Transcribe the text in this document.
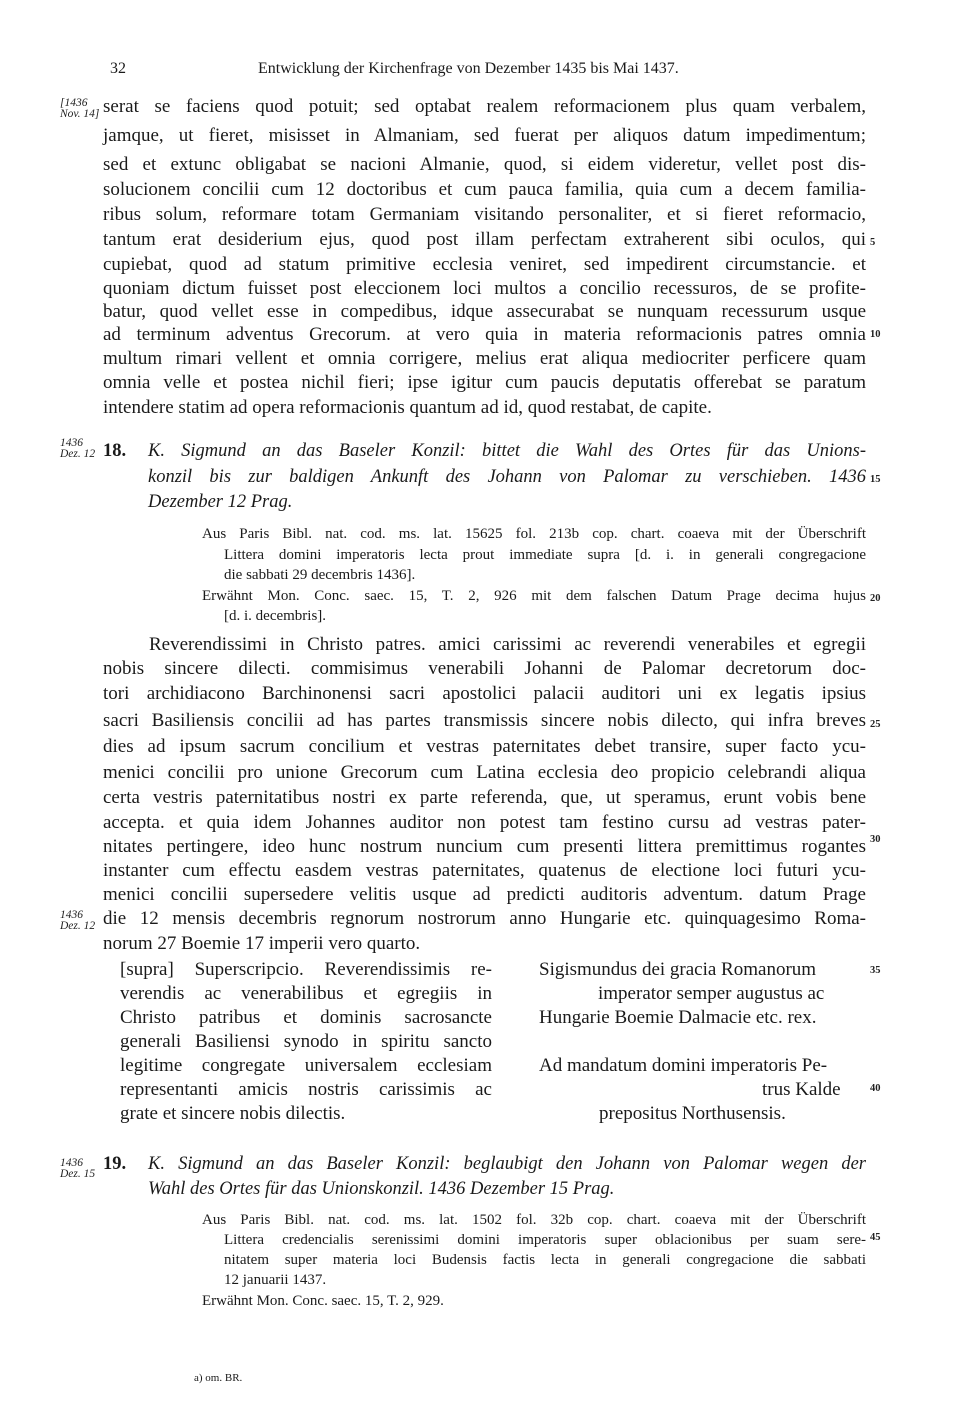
32	Entwicklung der Kirchenfrage von Dezember 1435 bis Mai 1437.
[1436
Nov. 14]
1436
Dez. 12
1436
Dez. 12
1436
Dez. 15
5
10
15
20
25
30
35
40
45
serat se faciens quod potuit; sed optabat realem reformacionem plus quam verbalem,
jamque, ut fieret, misisset in Almaniam, sed fuerat per aliquos datum impedimentum;
sed et extunc obligabat se nacioni Almanie, quod, si eidem videretur, vellet post dis-
solucionem concilii cum 12 doctoribus et cum pauca familia, quia cum a decem familia-
ribus solum, reformare totam Germaniam visitando personaliter, et si fieret reformacio,
tantum erat desiderium ejus, quod post illam perfectam extraherent sibi oculos, qui
cupiebat, quod ad statum primitive ecclesia veniret, sed impedirent circumstancie. et
quoniam dictum fuisset post eleccionem loci multos a concilio recessuros, de se profite-
batur, quod vellet esse in compedibus, idque assecurabat se nunquam recessurum usque
ad terminum adventus Grecorum. at vero quia in materia reformacionis patres omnia
multum rimari vellent et omnia corrigere, melius erat aliqua mediocriter perficere quam
omnia velle et postea nichil fieri; ipse igitur cum paucis deputatis offerebat se paratum
intendere statim ad opera reformacionis quantum ad id, quod restabat, de capite.
18. K. Sigmund an das Baseler Konzil: bittet die Wahl des Ortes für das Unions-
konzil bis zur baldigen Ankunft des Johann von Palomar zu verschieben. 1436
Dezember 12 Prag.
Aus Paris Bibl. nat. cod. ms. lat. 15625 fol. 213b cop. chart. coaeva mit der Überschrift
Littera domini imperatoris lecta prout immediate supra [d. i. in generali congregacione
die sabbati 29 decembris 1436].
Erwähnt Mon. Conc. saec. 15, T. 2, 926 mit dem falschen Datum Prage decima hujus
[d. i. decembris].
Reverendissimi in Christo patres. amici carissimi ac reverendi venerabiles et egregii
nobis sincere dilecti. commisimus venerabili Johanni de Palomar decretorum doc-
tori archidiacono Barchinonensi sacri apostolici palacii auditori uni ex legatis ipsius
sacri Basiliensis concilii ad has partes transmissis sincere nobis dilecto, qui infra breves
dies ad ipsum sacrum concilium et vestras paternitates debet transire, super facto ycu-
menici concilii pro unione Grecorum cum Latina ecclesia deo propicio celebrandi aliqua
certa vestris paternitatibus nostri ex parte referenda, que, ut speramus, erunt vobis bene
accepta. et quia idem Johannes auditor non potest tam festino cursu ad vestras pater-
nitates pertingere, ideo hunc nostrum nuncium cum presenti littera premittimus rogantes
instanter cum effectu easdem vestras paternitates, quatenus de electione loci futuri ycu-
menici concilii supersedere velitis usque ad predicti auditoris adventum. datum Prage
die 12 mensis decembris regnorum nostrorum anno Hungarie etc. quinquagesimo Roma-
norum 27 Boemie 17 imperii vero quarto.
[supra] Superscripcio. Reverendissimis re-
verendis ac venerabilibus et egregiis in
Christo patribus et dominis sacrosancte
generali Basiliensi synodo in spiritu sancto
legitime congregate universalem ecclesiam
representanti amicis nostris carissimis ac
grate et sincere nobis dilectis.
Sigismundus dei gracia Romanorum
imperator semper augustus ac
Hungarie Boemie Dalmacie etc. rex.
Ad mandatum domini imperatoris Pe-
trus Kalde
prepositus Northusensis.
19. K. Sigmund an das Baseler Konzil: beglaubigt den Johann von Palomar wegen der
Wahl des Ortes für das Unionskonzil. 1436 Dezember 15 Prag.
Aus Paris Bibl. nat. cod. ms. lat. 1502 fol. 32b cop. chart. coaeva mit der Überschrift
Littera credencialis serenissimi domini imperatoris super oblacionibus per suam sere-
nitatem super materia loci Budensis factis lecta in generali congregacione die sabbati
12 januarii 1437.
Erwähnt Mon. Conc. saec. 15, T. 2, 929.
a) om. BR.
